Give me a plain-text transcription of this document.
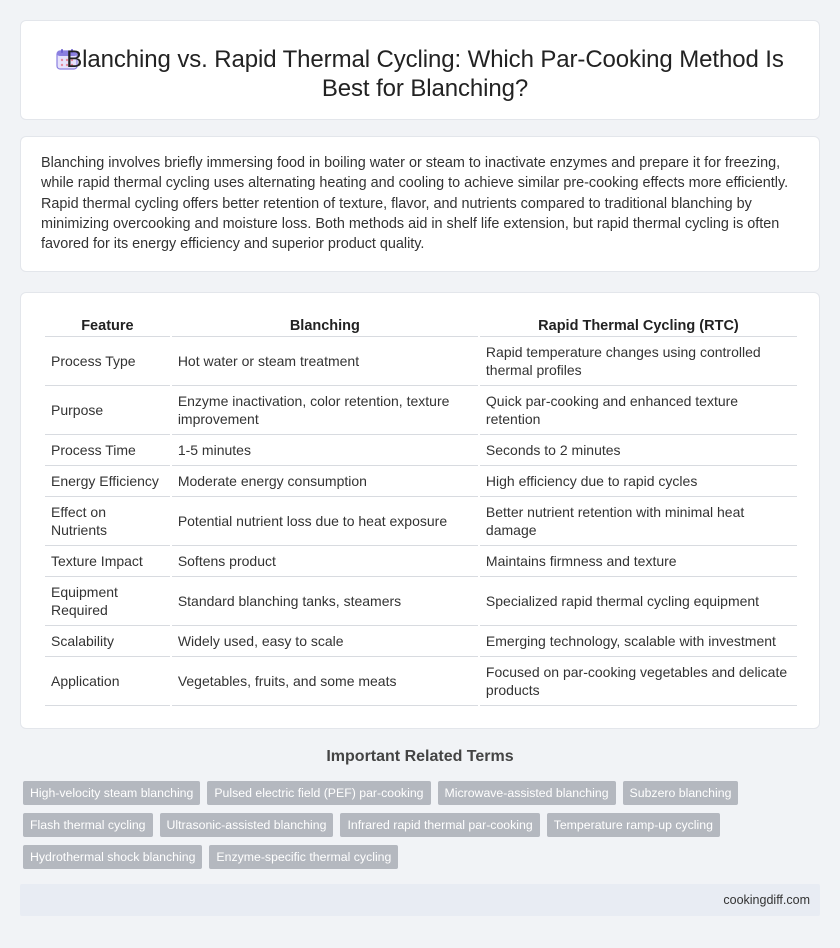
Blanching vs. Rapid Thermal Cycling: Which Par-Cooking Method Is Best for Blanching?

Blanching involves briefly immersing food in boiling water or steam to inactivate enzymes and prepare it for freezing, while rapid thermal cycling uses alternating heating and cooling to achieve similar pre-cooking effects more efficiently. Rapid thermal cycling offers better retention of texture, flavor, and nutrients compared to traditional blanching by minimizing overcooking and moisture loss. Both methods aid in shelf life extension, but rapid thermal cycling is often favored for its energy efficiency and superior product quality.

Feature	Blanching	Rapid Thermal Cycling (RTC)
Process Type	Hot water or steam treatment	Rapid temperature changes using controlled thermal profiles
Purpose	Enzyme inactivation, color retention, texture improvement	Quick par-cooking and enhanced texture retention
Process Time	1-5 minutes	Seconds to 2 minutes
Energy Efficiency	Moderate energy consumption	High efficiency due to rapid cycles
Effect on Nutrients	Potential nutrient loss due to heat exposure	Better nutrient retention with minimal heat damage
Texture Impact	Softens product	Maintains firmness and texture
Equipment Required	Standard blanching tanks, steamers	Specialized rapid thermal cycling equipment
Scalability	Widely used, easy to scale	Emerging technology, scalable with investment
Application	Vegetables, fruits, and some meats	Focused on par-cooking vegetables and delicate products
Important Related Terms
High-velocity steam blanching	Pulsed electric field (PEF) par-cooking	Microwave-assisted blanching	Subzero blanching
Flash thermal cycling	Ultrasonic-assisted blanching	Infrared rapid thermal par-cooking	Temperature ramp-up cycling
Hydrothermal shock blanching	Enzyme-specific thermal cycling
cookingdiff.com
